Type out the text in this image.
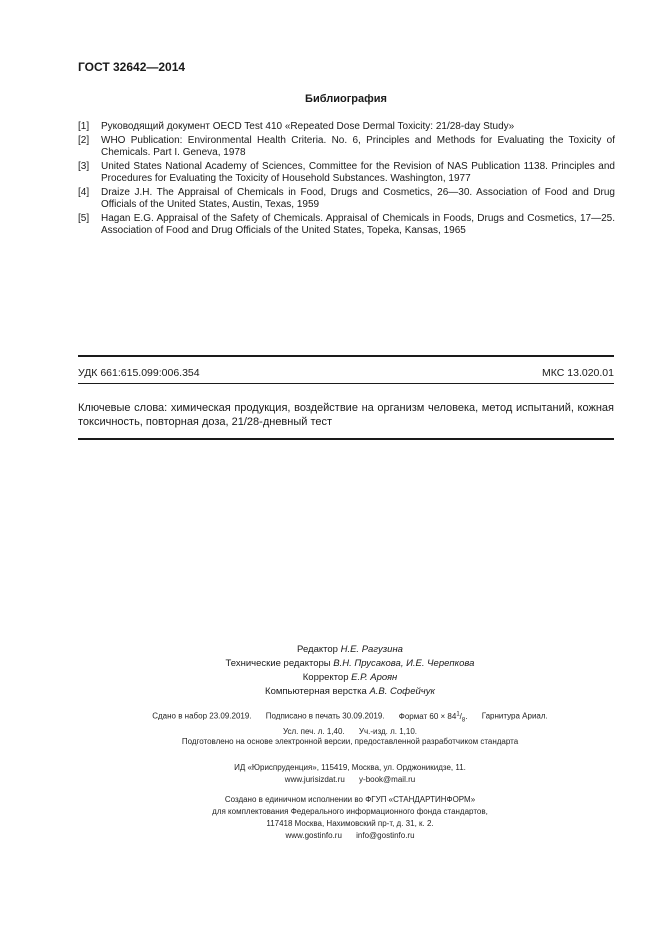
ГОСТ 32642—2014
Библиография
[1]	Руководящий документ OECD Test 410 «Repeated Dose Dermal Toxicity: 21/28-day Study»
[2]	WHO Publication: Environmental Health Criteria. No. 6, Principles and Methods for Evaluating the Toxicity of Chemicals. Part I. Geneva, 1978
[3]	United States National Academy of Sciences, Committee for the Revision of NAS Publication 1138. Principles and Procedures for Evaluating the Toxicity of Household Substances. Washington, 1977
[4]	Draize J.H. The Appraisal of Chemicals in Food, Drugs and Cosmetics, 26—30. Association of Food and Drug Officials of the United States, Austin, Texas, 1959
[5]	Hagan E.G. Appraisal of the Safety of Chemicals. Appraisal of Chemicals in Foods, Drugs and Cosmetics, 17—25. Association of Food and Drug Officials of the United States, Topeka, Kansas, 1965
УДК 661:615.099:006.354	МКС 13.020.01
Ключевые слова: химическая продукция, воздействие на организм человека, метод испытаний, кожная токсичность, повторная доза, 21/28-дневный тест
Редактор Н.Е. Рагузина
Технические редакторы В.Н. Прусакова, И.Е. Черепкова
Корректор Е.Р. Ароян
Компьютерная верстка А.В. Софейчук
Сдано в набор 23.09.2019. Подписано в печать 30.09.2019. Формат $60 \times 84^1/_8$. Гарнитура Ариал.
Усл. печ. л. 1,40. Уч.-изд. л. 1,10.
Подготовлено на основе электронной версии, предоставленной разработчиком стандарта
ИД «Юриспруденция», 115419, Москва, ул. Орджоникидзе, 11.
www.jurisizdat.ru y-book@mail.ru
Создано в единичном исполнении во ФГУП «СТАНДАРТИНФОРМ»
для комплектования Федерального информационного фонда стандартов,
117418 Москва, Нахимовский пр-т, д. 31, к. 2.
www.gostinfo.ru info@gostinfo.ru
